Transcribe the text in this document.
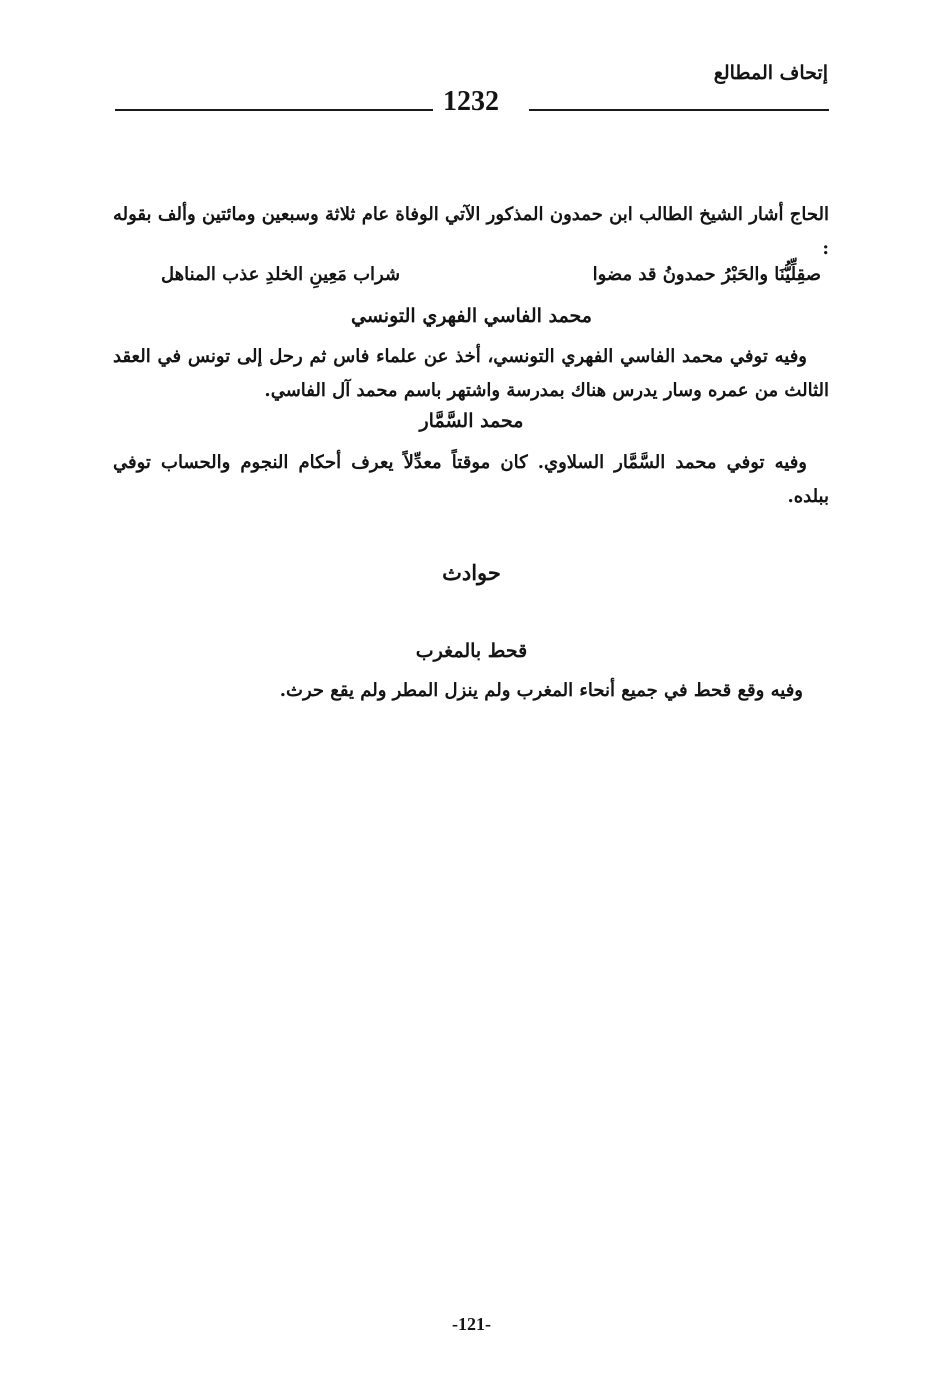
إتحاف المطالع
1232

الحاج أشار الشيخ الطالب ابن حمدون المذكور الآتي الوفاة عام ثلاثة وسبعين ومائتين وألف بقوله :

صقِلِّيُّنَا والحَبْرُ حمدونُ قد مضوا
شراب مَعِينِ الخلدِ عذب المناهل
محمد الفاسي الفهري التونسي

وفيه توفي محمد الفاسي الفهري التونسي، أخذ عن علماء فاس ثم رحل إلى تونس في العقد الثالث من عمره وسار يدرس هناك بمدرسة واشتهر باسم محمد آل الفاسي.

محمد السَّمَّار

وفيه توفي محمد السَّمَّار السلاوي. كان موقتاً معدِّلاً يعرف أحكام النجوم والحساب توفي ببلده.

حوادث
قحط بالمغرب

وفيه وقع قحط في جميع أنحاء المغرب ولم ينزل المطر ولم يقع حرث.

-121-
